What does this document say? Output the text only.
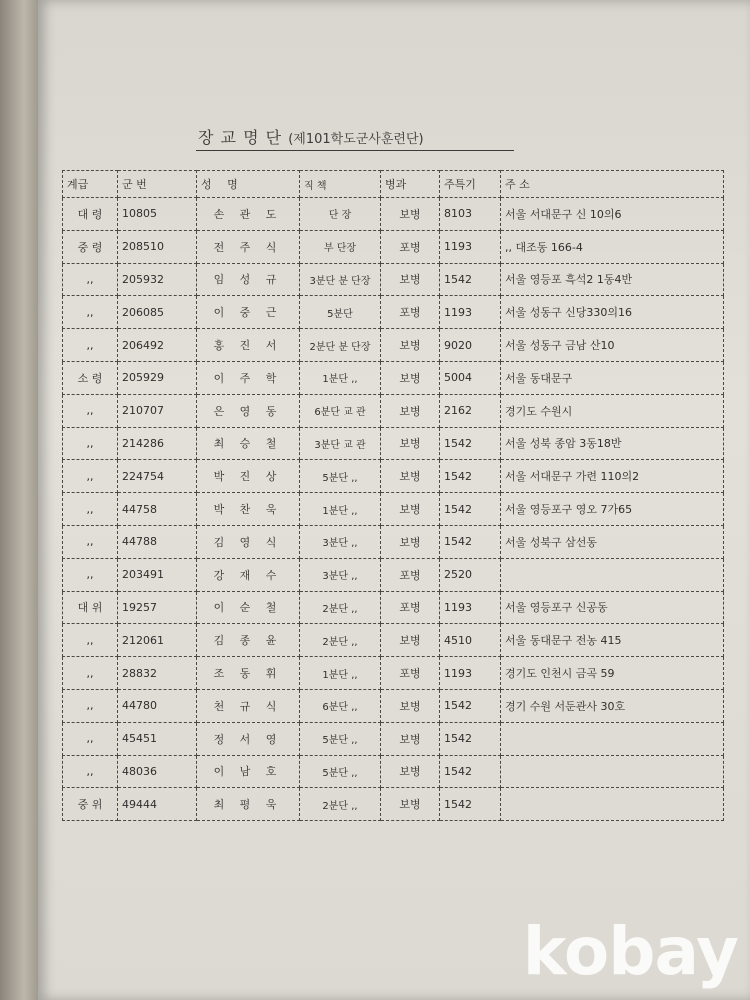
장 교 명 단 (제101학도군사훈련단)
계급	군 번	성 명	직 책	병과	주특기	주 소
대 령	10805	손 관 도	단 장	보병	8103	서울 서대문구 신 10의6
중 령	208510	전 주 식	부 단장	포병	1193	,, 대조동 166-4
,,	205932	임 성 규	3분단 분 단장	보병	1542	서울 영등포 흑석2 1동4반
,,	206085	이 중 근	5분단	포병	1193	서울 성동구 신당330의16
,,	206492	홍 진 서	2분단 분 단장	보병	9020	서울 성동구 금남 산10
소 령	205929	이 주 학	1분단 ,,	보병	5004	서울 동대문구
,,	210707	은 영 동	6분단 교 관	보병	2162	경기도 수원시
,,	214286	최 승 철	3분단 교 관	보병	1542	서울 성북 종암 3동18반
,,	224754	박 진 상	5분단 ,,	보병	1542	서울 서대문구 가련 110의2
,,	44758	박 찬 욱	1분단 ,,	보병	1542	서울 영등포구 영오 7가65
,,	44788	김 영 식	3분단 ,,	보병	1542	서울 성북구 삼선동
,,	203491	강 재 수	3분단 ,,	포병	2520	
대 위	19257	이 순 철	2분단 ,,	포병	1193	서울 영등포구 신공동
,,	212061	김 종 윤	2분단 ,,	보병	4510	서울 동대문구 전농 415
,,	28832	조 동 휘	1분단 ,,	포병	1193	경기도 인천시 금곡 59
,,	44780	천 규 식	6분단 ,,	보병	1542	경기 수원 서둔관사 30호
,,	45451	정 서 영	5분단 ,,	보병	1542	
,,	48036	이 남 호	5분단 ,,	보병	1542	
중 위	49444	최 평 욱	2분단 ,,	보병	1542	
kobay
